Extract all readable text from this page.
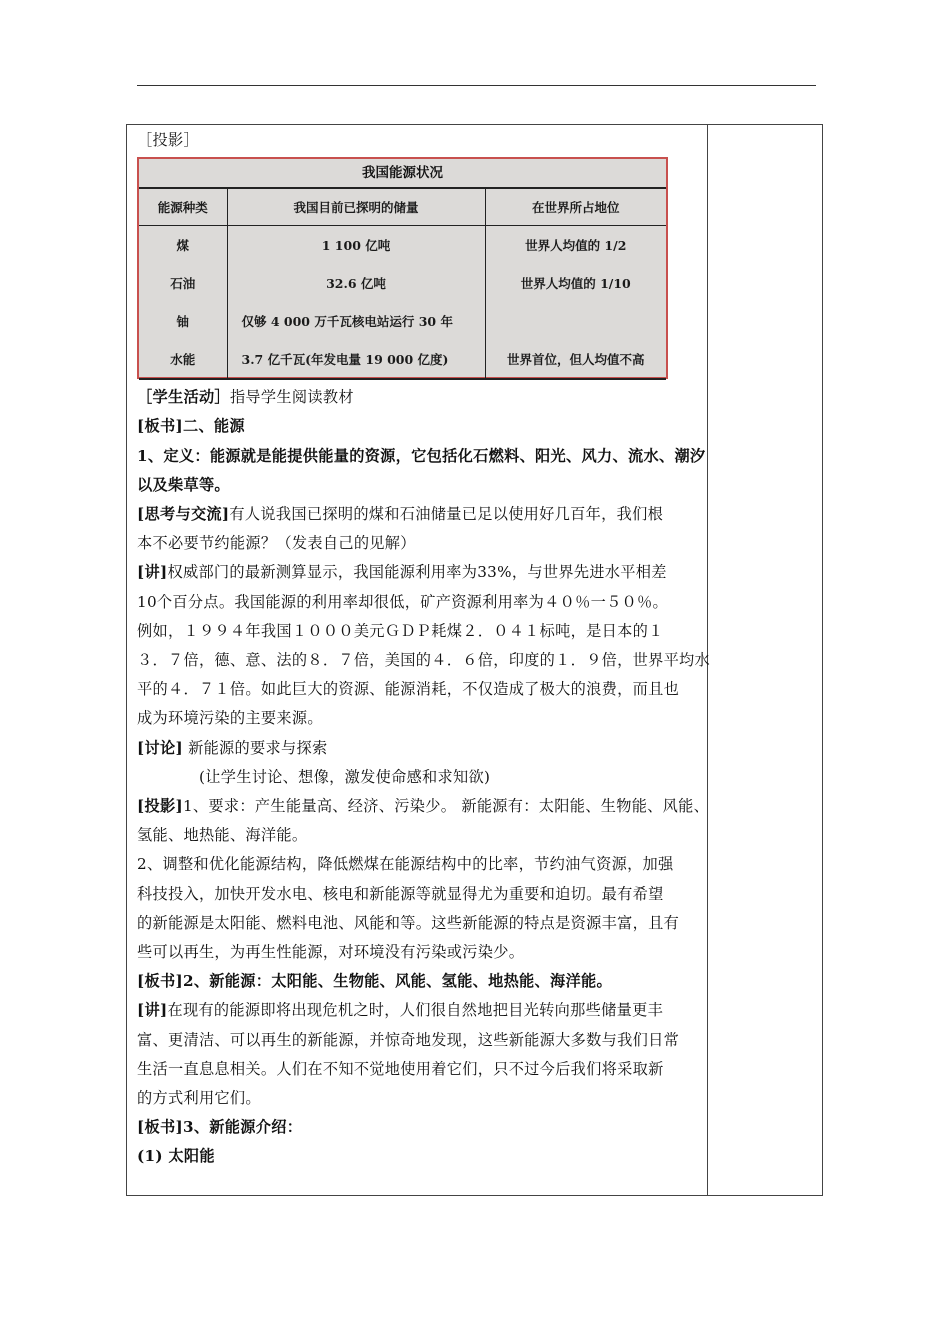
［投影］
我国能源状况
能源种类	我国目前已探明的储量	在世界所占地位
煤	1 100 亿吨	世界人均值的 1/2
石油	32.6 亿吨	世界人均值的 1/10
铀	仅够 4 000 万千瓦核电站运行 30 年	
水能	3.7 亿千瓦(年发电量 19 000 亿度)	世界首位，但人均值不高
［学生活动］指导学生阅读教材
[板书]二、能源
1、定义：能源就是能提供能量的资源，它包括化石燃料、阳光、风力、流水、潮汐
以及柴草等。
[思考与交流]有人说我国已探明的煤和石油储量已足以使用好几百年，我们根
本不必要节约能源？（发表自己的见解）
[讲]权威部门的最新测算显示，我国能源利用率为33%，与世界先进水平相差
10个百分点。我国能源的利用率却很低，矿产资源利用率为４０％一５０％。
例如，１９９４年我国１０００美元ＧＤＰ耗煤２．０４１标吨，是日本的１
３．７倍，德、意、法的８．７倍，美国的４．６倍，印度的１．９倍，世界平均水
平的４．７１倍。如此巨大的资源、能源消耗，不仅造成了极大的浪费，而且也
成为环境污染的主要来源。
[讨论] 新能源的要求与探索
(让学生讨论、想像，激发使命感和求知欲)
[投影]1、要求：产生能量高、经济、污染少。 新能源有：太阳能、生物能、风能、
氢能、地热能、海洋能。
2、调整和优化能源结构，降低燃煤在能源结构中的比率，节约油气资源，加强
科技投入，加快开发水电、核电和新能源等就显得尤为重要和迫切。最有希望
的新能源是太阳能、燃料电池、风能和等。这些新能源的特点是资源丰富，且有
些可以再生，为再生性能源，对环境没有污染或污染少。
[板书]2、新能源：太阳能、生物能、风能、氢能、地热能、海洋能。
[讲]在现有的能源即将出现危机之时，人们很自然地把目光转向那些储量更丰
富、更清洁、可以再生的新能源，并惊奇地发现，这些新能源大多数与我们日常
生活一直息息相关。人们在不知不觉地使用着它们，只不过今后我们将采取新
的方式利用它们。
[板书]3、新能源介绍：
(1) 太阳能
